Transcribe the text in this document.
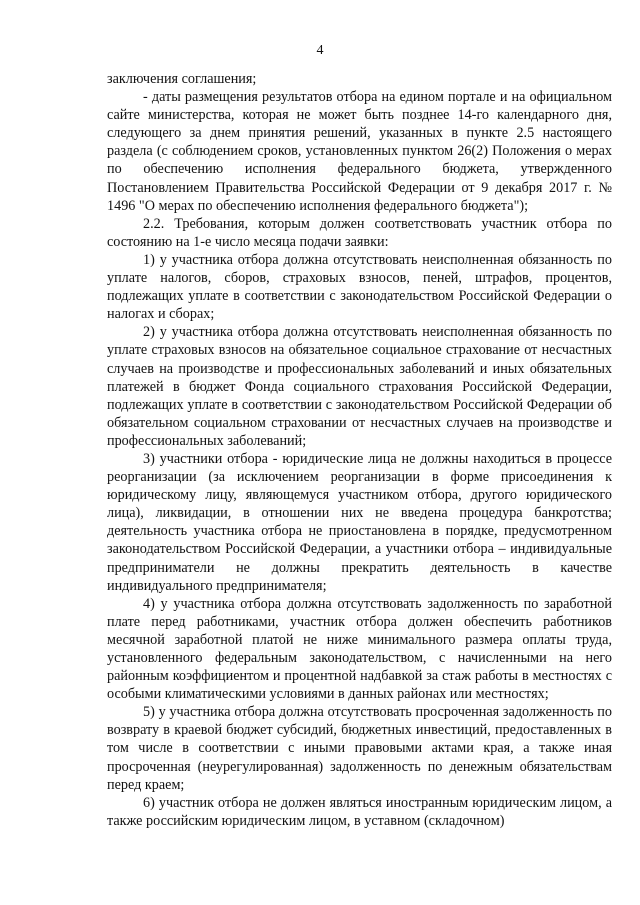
4

заключения соглашения;

- даты размещения результатов отбора на едином портале и на официальном сайте министерства, которая не может быть позднее 14-го календарного дня, следующего за днем принятия решений, указанных в пункте 2.5 настоящего раздела (с соблюдением сроков, установленных пунктом 26(2) Положения о мерах по обеспечению исполнения федерального бюджета, утвержденного Постановлением Правительства Российской Федерации от 9 декабря 2017 г. № 1496 "О мерах по обеспечению исполнения федерального бюджета");

2.2. Требования, которым должен соответствовать участник отбора по состоянию на 1-е число месяца подачи заявки:

1) у участника отбора должна отсутствовать неисполненная обязанность по уплате налогов, сборов, страховых взносов, пеней, штрафов, процентов, подлежащих уплате в соответствии с законодательством Российской Федерации о налогах и сборах;

2) у участника отбора должна отсутствовать неисполненная обязанность по уплате страховых взносов на обязательное социальное страхование от несчастных случаев на производстве и профессиональных заболеваний и иных обязательных платежей в бюджет Фонда социального страхования Российской Федерации, подлежащих уплате в соответствии с законодательством Российской Федерации об обязательном социальном страховании от несчастных случаев на производстве и профессиональных заболеваний;

3) участники отбора - юридические лица не должны находиться в процессе реорганизации (за исключением реорганизации в форме присоединения к юридическому лицу, являющемуся участником отбора, другого юридического лица), ликвидации, в отношении них не введена процедура банкротства; деятельность участника отбора не приостановлена в порядке, предусмотренном законодательством Российской Федерации, а участники отбора – индивидуальные предприниматели не должны прекратить деятельность в качестве индивидуального предпринимателя;

4) у участника отбора должна отсутствовать задолженность по заработной плате перед работниками, участник отбора должен обеспечить работников месячной заработной платой не ниже минимального размера оплаты труда, установленного федеральным законодательством, с начисленными на него районным коэффициентом и процентной надбавкой за стаж работы в местностях с особыми климатическими условиями в данных районах или местностях;

5) у участника отбора должна отсутствовать просроченная задолженность по возврату в краевой бюджет субсидий, бюджетных инвестиций, предоставленных в том числе в соответствии с иными правовыми актами края, а также иная просроченная (неурегулированная) задолженность по денежным обязательствам перед краем;

6) участник отбора не должен являться иностранным юридическим лицом, а также российским юридическим лицом, в уставном (складочном)
